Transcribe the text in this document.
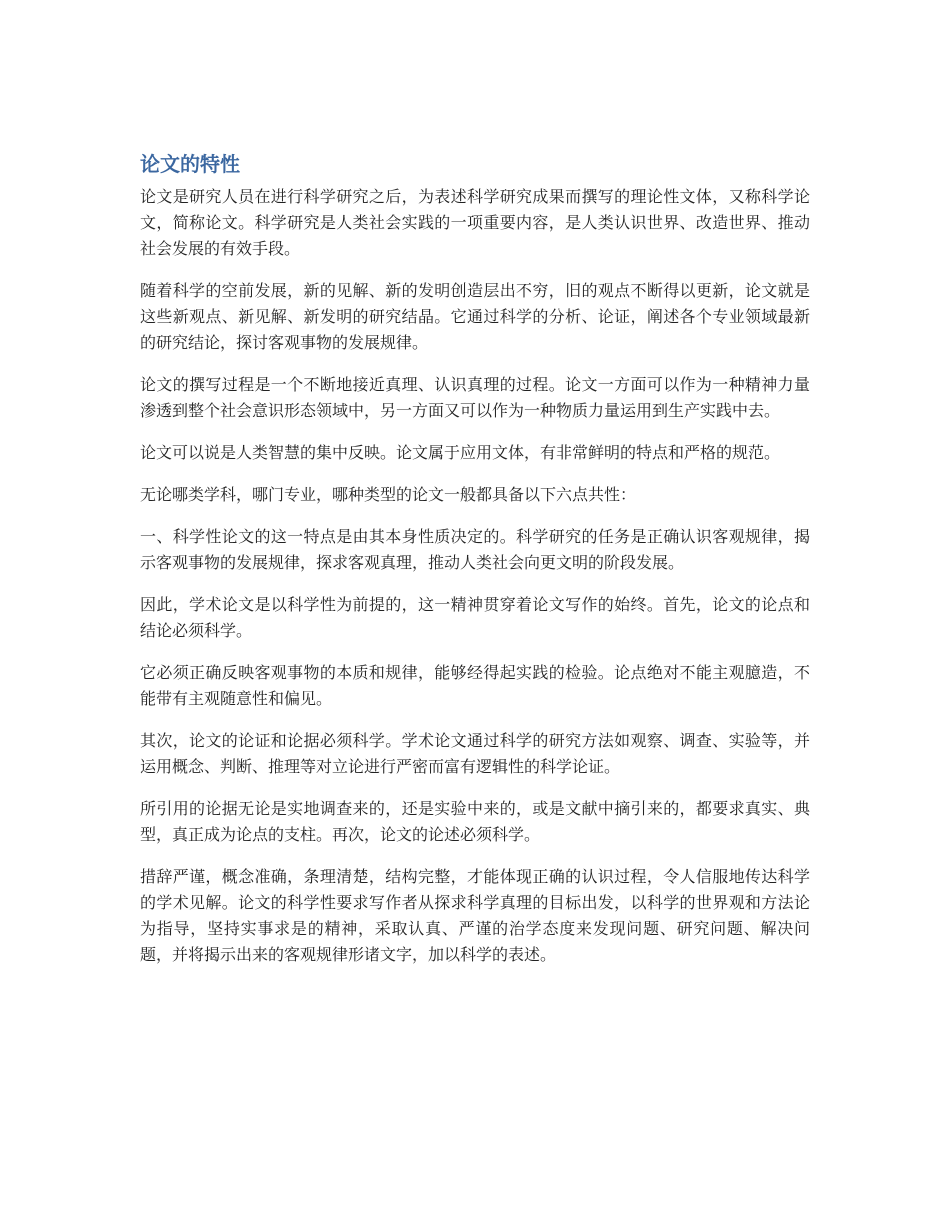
论文的特性

论文是研究人员在进行科学研究之后，为表述科学研究成果而撰写的理论性文体，又称科学论文，简称论文。科学研究是人类社会实践的一项重要内容，是人类认识世界、改造世界、推动社会发展的有效手段。

随着科学的空前发展，新的见解、新的发明创造层出不穷，旧的观点不断得以更新，论文就是这些新观点、新见解、新发明的研究结晶。它通过科学的分析、论证，阐述各个专业领域最新的研究结论，探讨客观事物的发展规律。

论文的撰写过程是一个不断地接近真理、认识真理的过程。论文一方面可以作为一种精神力量渗透到整个社会意识形态领域中，另一方面又可以作为一种物质力量运用到生产实践中去。

论文可以说是人类智慧的集中反映。论文属于应用文体，有非常鲜明的特点和严格的规范。

无论哪类学科，哪门专业，哪种类型的论文一般都具备以下六点共性：

一、科学性论文的这一特点是由其本身性质决定的。科学研究的任务是正确认识客观规律，揭示客观事物的发展规律，探求客观真理，推动人类社会向更文明的阶段发展。

因此，学术论文是以科学性为前提的，这一精神贯穿着论文写作的始终。首先，论文的论点和结论必须科学。

它必须正确反映客观事物的本质和规律，能够经得起实践的检验。论点绝对不能主观臆造，不能带有主观随意性和偏见。

其次，论文的论证和论据必须科学。学术论文通过科学的研究方法如观察、调查、实验等，并运用概念、判断、推理等对立论进行严密而富有逻辑性的科学论证。

所引用的论据无论是实地调查来的，还是实验中来的，或是文献中摘引来的，都要求真实、典型，真正成为论点的支柱。再次，论文的论述必须科学。

措辞严谨，概念准确，条理清楚，结构完整，才能体现正确的认识过程，令人信服地传达科学的学术见解。论文的科学性要求写作者从探求科学真理的目标出发，以科学的世界观和方法论为指导，坚持实事求是的精神，采取认真、严谨的治学态度来发现问题、研究问题、解决问题，并将揭示出来的客观规律形诸文字，加以科学的表述。
